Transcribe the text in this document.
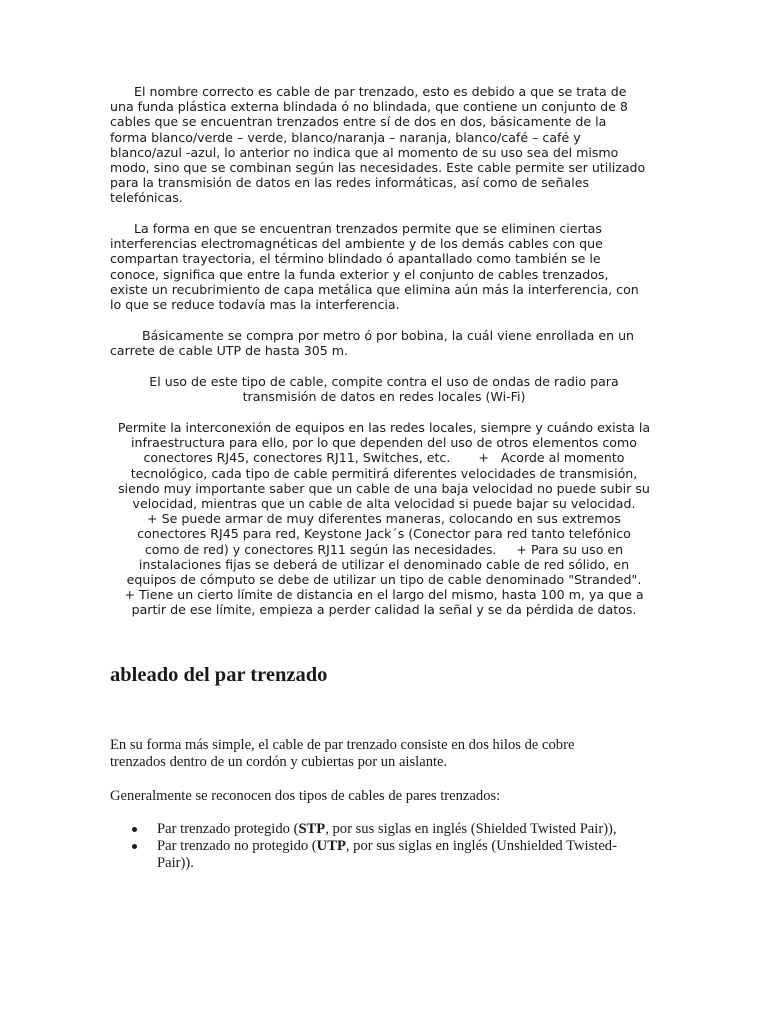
El nombre correcto es cable de par trenzado, esto es debido a que se trata de
una funda plástica externa blindada ó no blindada, que contiene un conjunto de 8
cables que se encuentran trenzados entre sí de dos en dos, básicamente de la
forma blanco/verde – verde, blanco/naranja – naranja, blanco/café – café y
blanco/azul -azul, lo anterior no indica que al momento de su uso sea del mismo
modo, sino que se combinan según las necesidades. Este cable permite ser utilizado
para la transmisión de datos en las redes informáticas, así como de señales
telefónicas.
La forma en que se encuentran trenzados permite que se eliminen ciertas
interferencias electromagnéticas del ambiente y de los demás cables con que
compartan trayectoria, el término blindado ó apantallado como también se le
conoce, significa que entre la funda exterior y el conjunto de cables trenzados,
existe un recubrimiento de capa metálica que elimina aún más la interferencia, con
lo que se reduce todavía mas la interferencia.
Básicamente se compra por metro ó por bobina, la cuál viene enrollada en un
carrete de cable UTP de hasta 305 m.
El uso de este tipo de cable, compite contra el uso de ondas de radio para
transmisión de datos en redes locales (Wi-Fi)
Permite la interconexión de equipos en las redes locales, siempre y cuándo exista la
infraestructura para ello, por lo que dependen del uso de otros elementos como
conectores RJ45, conectores RJ11, Switches, etc.       +   Acorde al momento
tecnológico, cada tipo de cable permitirá diferentes velocidades de transmisión,
siendo muy importante saber que un cable de una baja velocidad no puede subir su
velocidad, mientras que un cable de alta velocidad si puede bajar su velocidad.
+ Se puede armar de muy diferentes maneras, colocando en sus extremos
conectores RJ45 para red, Keystone Jack´s (Conector para red tanto telefónico
como de red) y conectores RJ11 según las necesidades.     + Para su uso en
instalaciones fijas se deberá de utilizar el denominado cable de red sólido, en
equipos de cómputo se debe de utilizar un tipo de cable denominado "Stranded".
+ Tiene un cierto límite de distancia en el largo del mismo, hasta 100 m, ya que a
partir de ese límite, empieza a perder calidad la señal y se da pérdida de datos.
ableado del par trenzado
En su forma más simple, el cable de par trenzado consiste en dos hilos de cobre
trenzados dentro de un cordón y cubiertas por un aislante.
Generalmente se reconocen dos tipos de cables de pares trenzados:
Par trenzado protegido (STP, por sus siglas en inglés (Shielded Twisted Pair)),
Par trenzado no protegido (UTP, por sus siglas en inglés (Unshielded Twisted-
Pair)).
